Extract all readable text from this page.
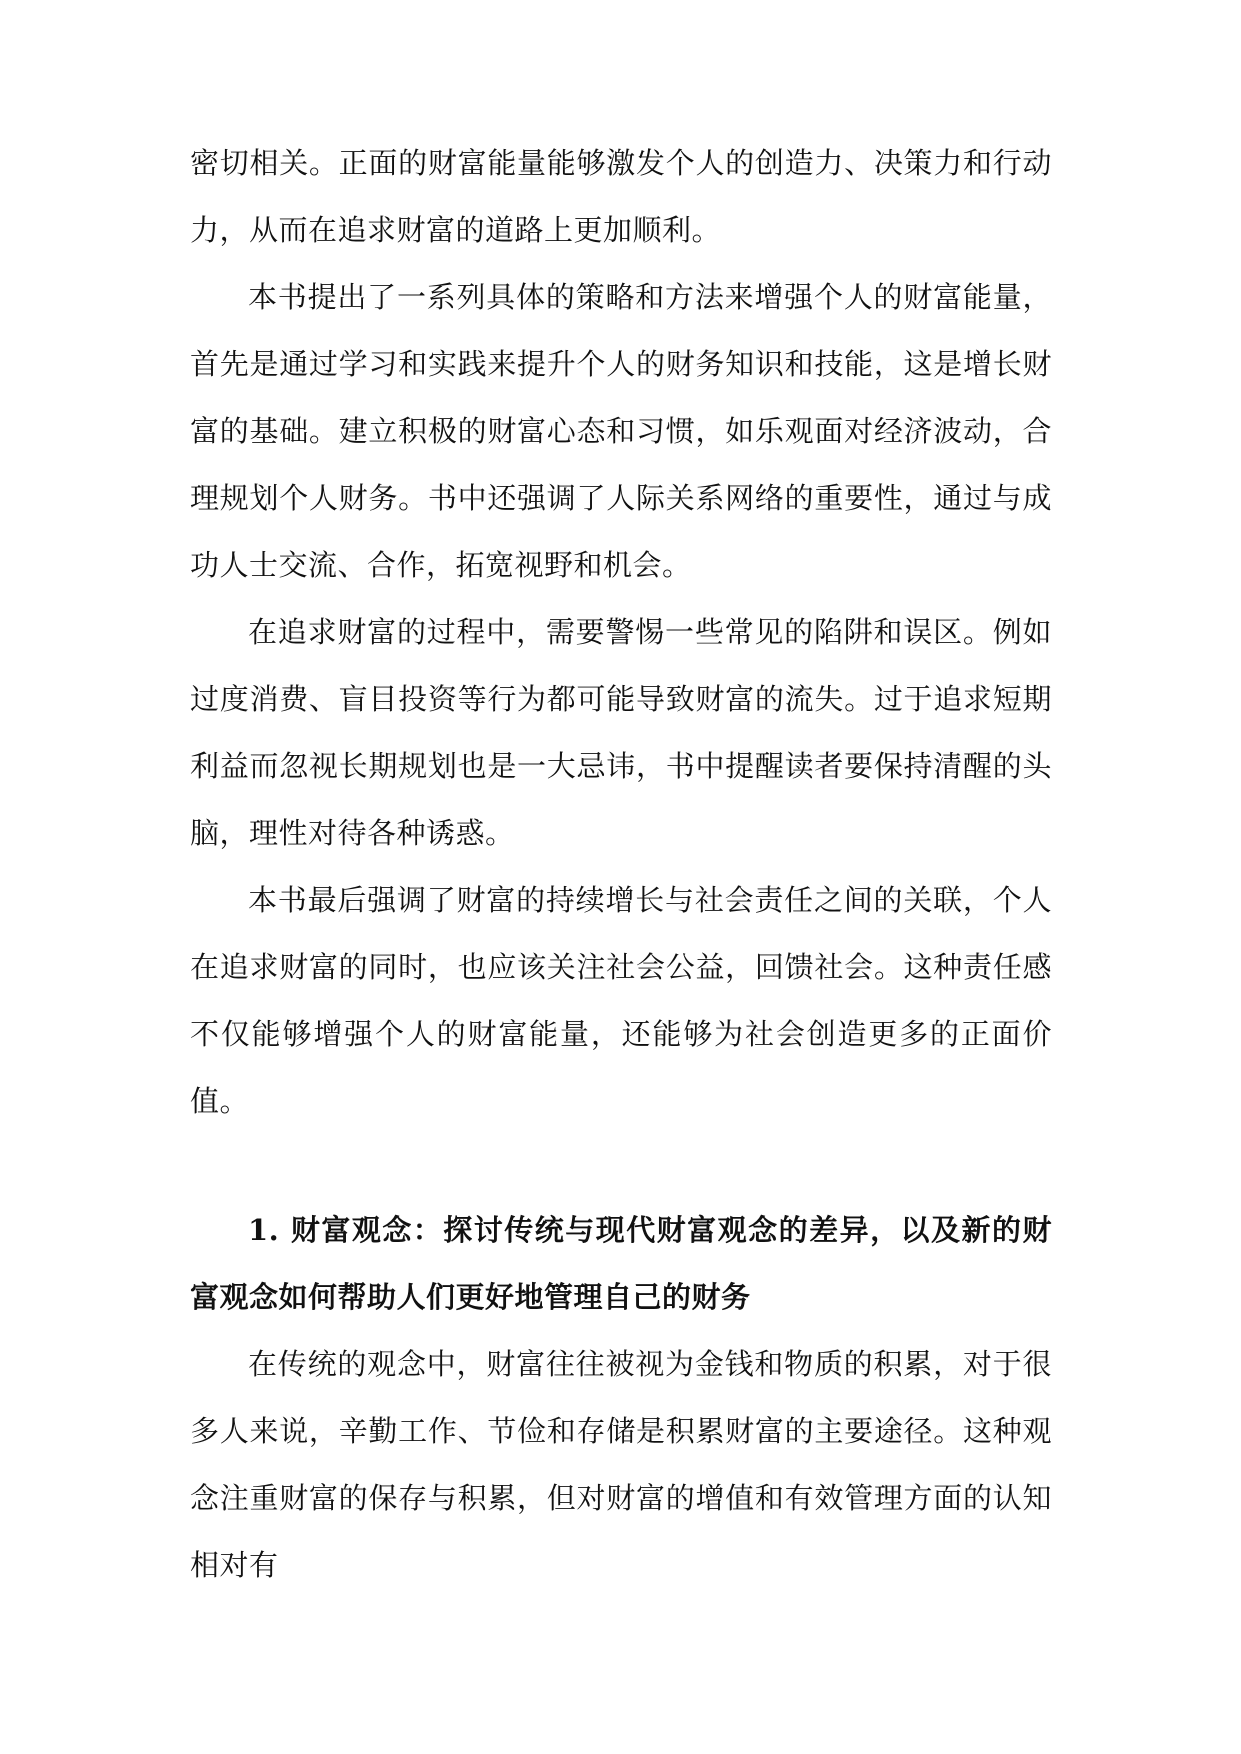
密切相关。正面的财富能量能够激发个人的创造力、决策力和行动力，从而在追求财富的道路上更加顺利。

本书提出了一系列具体的策略和方法来增强个人的财富能量，首先是通过学习和实践来提升个人的财务知识和技能，这是增长财富的基础。建立积极的财富心态和习惯，如乐观面对经济波动，合理规划个人财务。书中还强调了人际关系网络的重要性，通过与成功人士交流、合作，拓宽视野和机会。

在追求财富的过程中，需要警惕一些常见的陷阱和误区。例如过度消费、盲目投资等行为都可能导致财富的流失。过于追求短期利益而忽视长期规划也是一大忌讳，书中提醒读者要保持清醒的头脑，理性对待各种诱惑。

本书最后强调了财富的持续增长与社会责任之间的关联，个人在追求财富的同时，也应该关注社会公益，回馈社会。这种责任感不仅能够增强个人的财富能量，还能够为社会创造更多的正面价值。

1. 财富观念：探讨传统与现代财富观念的差异，以及新的财富观念如何帮助人们更好地管理自己的财务

在传统的观念中，财富往往被视为金钱和物质的积累，对于很多人来说，辛勤工作、节俭和存储是积累财富的主要途径。这种观念注重财富的保存与积累，但对财富的增值和有效管理方面的认知相对有
